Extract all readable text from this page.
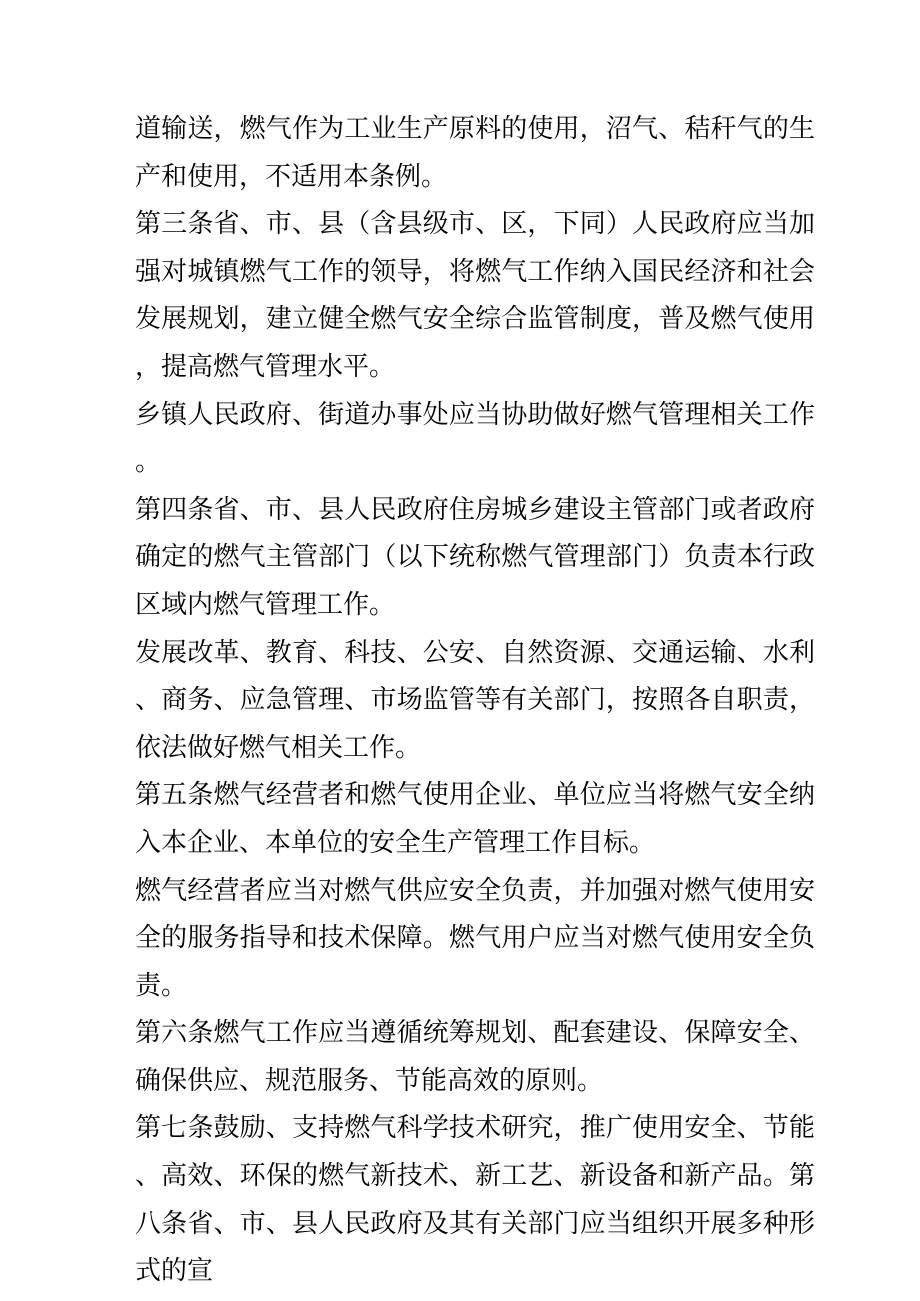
道输送，燃气作为工业生产原料的使用，沼气、秸秆气的生产和使用，不适用本条例。

第三条省、市、县（含县级市、区，下同）人民政府应当加强对城镇燃气工作的领导，将燃气工作纳入国民经济和社会发展规划，建立健全燃气安全综合监管制度，普及燃气使用，提高燃气管理水平。

乡镇人民政府、街道办事处应当协助做好燃气管理相关工作。

第四条省、市、县人民政府住房城乡建设主管部门或者政府确定的燃气主管部门（以下统称燃气管理部门）负责本行政区域内燃气管理工作。

发展改革、教育、科技、公安、自然资源、交通运输、水利、商务、应急管理、市场监管等有关部门，按照各自职责，依法做好燃气相关工作。

第五条燃气经营者和燃气使用企业、单位应当将燃气安全纳入本企业、本单位的安全生产管理工作目标。

燃气经营者应当对燃气供应安全负责，并加强对燃气使用安全的服务指导和技术保障。燃气用户应当对燃气使用安全负责。

第六条燃气工作应当遵循统筹规划、配套建设、保障安全、确保供应、规范服务、节能高效的原则。

第七条鼓励、支持燃气科学技术研究，推广使用安全、节能、高效、环保的燃气新技术、新工艺、新设备和新产品。第八条省、市、县人民政府及其有关部门应当组织开展多种形式的宣
